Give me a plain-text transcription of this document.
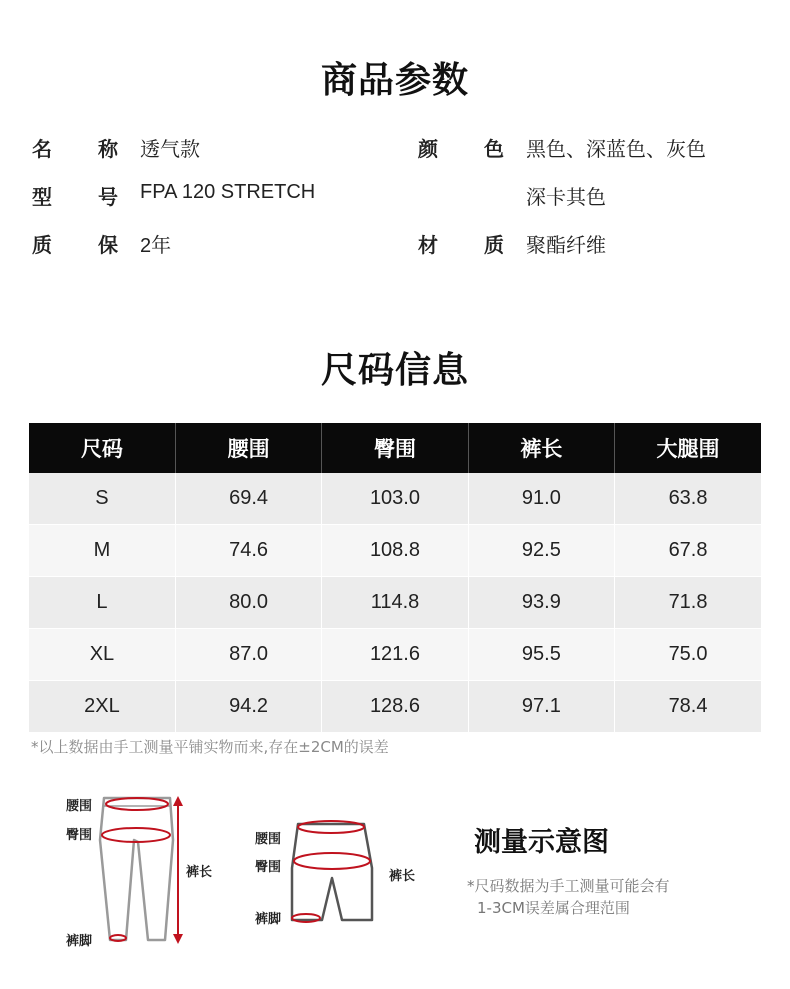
商品参数
名 称 透气款
型 号 FPA 120 STRETCH
质 保 2年
颜 色 黑色、深蓝色、灰色
深卡其色
材 质 聚酯纤维
尺码信息
尺码	腰围	臀围	裤长	大腿围
S	69.4	103.0	91.0	63.8
M	74.6	108.8	92.5	67.8
L	80.0	114.8	93.9	71.8
XL	87.0	121.6	95.5	75.0
2XL	94.2	128.6	97.1	78.4
*以上数据由手工测量平铺实物而来,存在±2CM的误差
腰围
臀围
裤长
裤脚
腰围
臀围
裤长
裤脚
测量示意图
*尺码数据为手工测量可能会有
1-3CM误差属合理范围
